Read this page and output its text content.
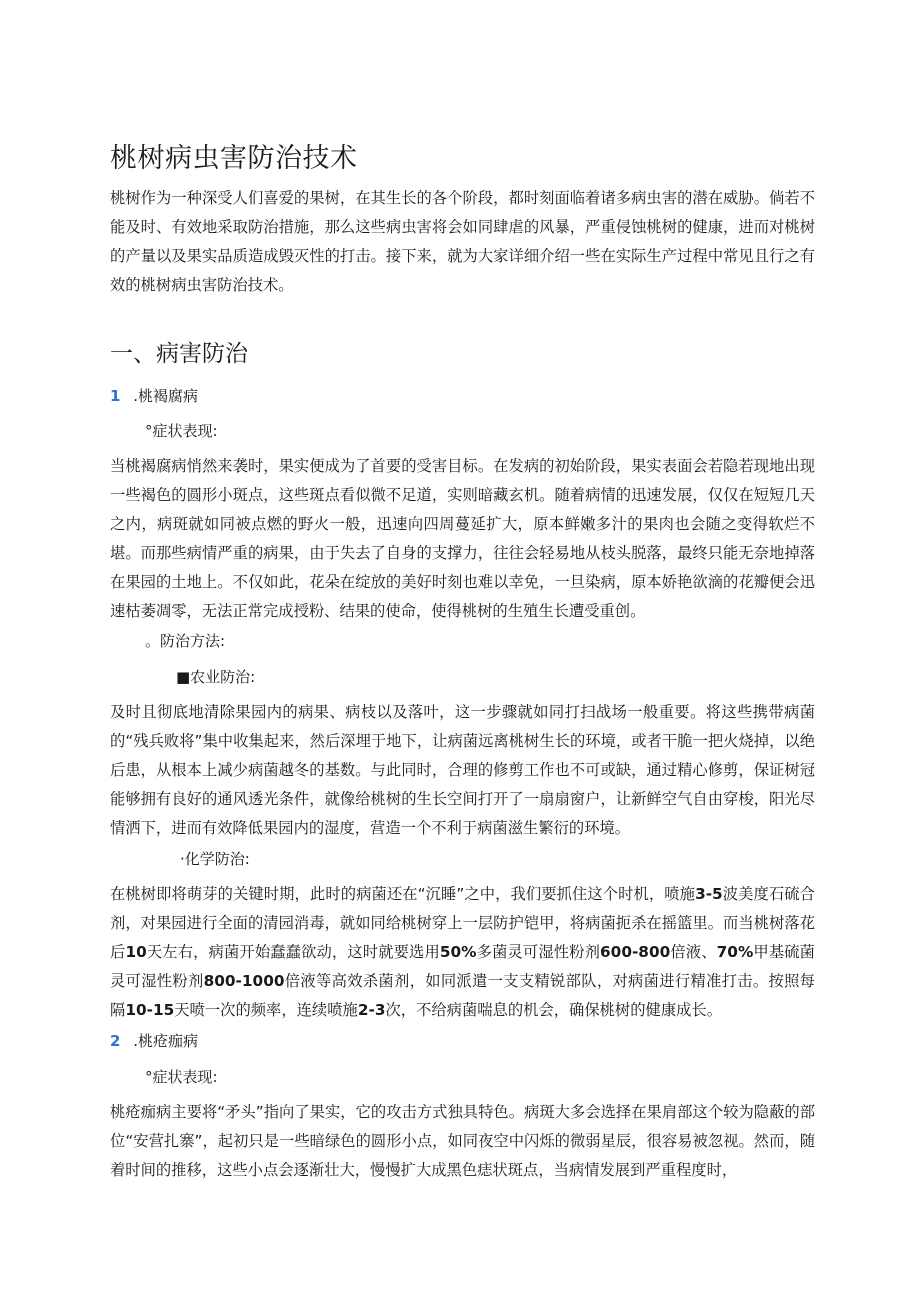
桃树病虫害防治技术

桃树作为一种深受人们喜爱的果树，在其生长的各个阶段，都时刻面临着诸多病虫害的潜在威胁。倘若不能及时、有效地采取防治措施，那么这些病虫害将会如同肆虐的风暴，严重侵蚀桃树的健康，进而对桃树的产量以及果实品质造成毁灭性的打击。接下来，就为大家详细介绍一些在实际生产过程中常见且行之有效的桃树病虫害防治技术。

一、病害防治
1 .桃褐腐病
°症状表现:

当桃褐腐病悄然来袭时，果实便成为了首要的受害目标。在发病的初始阶段，果实表面会若隐若现地出现一些褐色的圆形小斑点，这些斑点看似微不足道，实则暗藏玄机。随着病情的迅速发展，仅仅在短短几天之内，病斑就如同被点燃的野火一般，迅速向四周蔓延扩大，原本鲜嫩多汁的果肉也会随之变得软烂不堪。而那些病情严重的病果，由于失去了自身的支撑力，往往会轻易地从枝头脱落，最终只能无奈地掉落在果园的土地上。不仅如此，花朵在绽放的美好时刻也难以幸免，一旦染病，原本娇艳欲滴的花瓣便会迅速枯萎凋零，无法正常完成授粉、结果的使命，使得桃树的生殖生长遭受重创。

。防治方法:
■农业防治:

及时且彻底地清除果园内的病果、病枝以及落叶，这一步骤就如同打扫战场一般重要。将这些携带病菌的“残兵败将”集中收集起来，然后深埋于地下，让病菌远离桃树生长的环境，或者干脆一把火烧掉，以绝后患，从根本上减少病菌越冬的基数。与此同时，合理的修剪工作也不可或缺，通过精心修剪，保证树冠能够拥有良好的通风透光条件，就像给桃树的生长空间打开了一扇扇窗户，让新鲜空气自由穿梭，阳光尽情洒下，进而有效降低果园内的湿度，营造一个不利于病菌滋生繁衍的环境。

·化学防治:

在桃树即将萌芽的关键时期，此时的病菌还在“沉睡”之中，我们要抓住这个时机，喷施3-5波美度石硫合剂，对果园进行全面的清园消毒，就如同给桃树穿上一层防护铠甲，将病菌扼杀在摇篮里。而当桃树落花后10天左右，病菌开始蠢蠢欲动，这时就要选用50%多菌灵可湿性粉剂600-800倍液、70%甲基硫菌灵可湿性粉剂800-1000倍液等高效杀菌剂，如同派遣一支支精锐部队，对病菌进行精准打击。按照每隔10-15天喷一次的频率，连续喷施2-3次，不给病菌喘息的机会，确保桃树的健康成长。

2 .桃疮痂病
°症状表现:

桃疮痂病主要将“矛头”指向了果实，它的攻击方式独具特色。病斑大多会选择在果肩部这个较为隐蔽的部位“安营扎寨”，起初只是一些暗绿色的圆形小点，如同夜空中闪烁的微弱星辰，很容易被忽视。然而，随着时间的推移，这些小点会逐渐壮大，慢慢扩大成黑色痣状斑点，当病情发展到严重程度时，
